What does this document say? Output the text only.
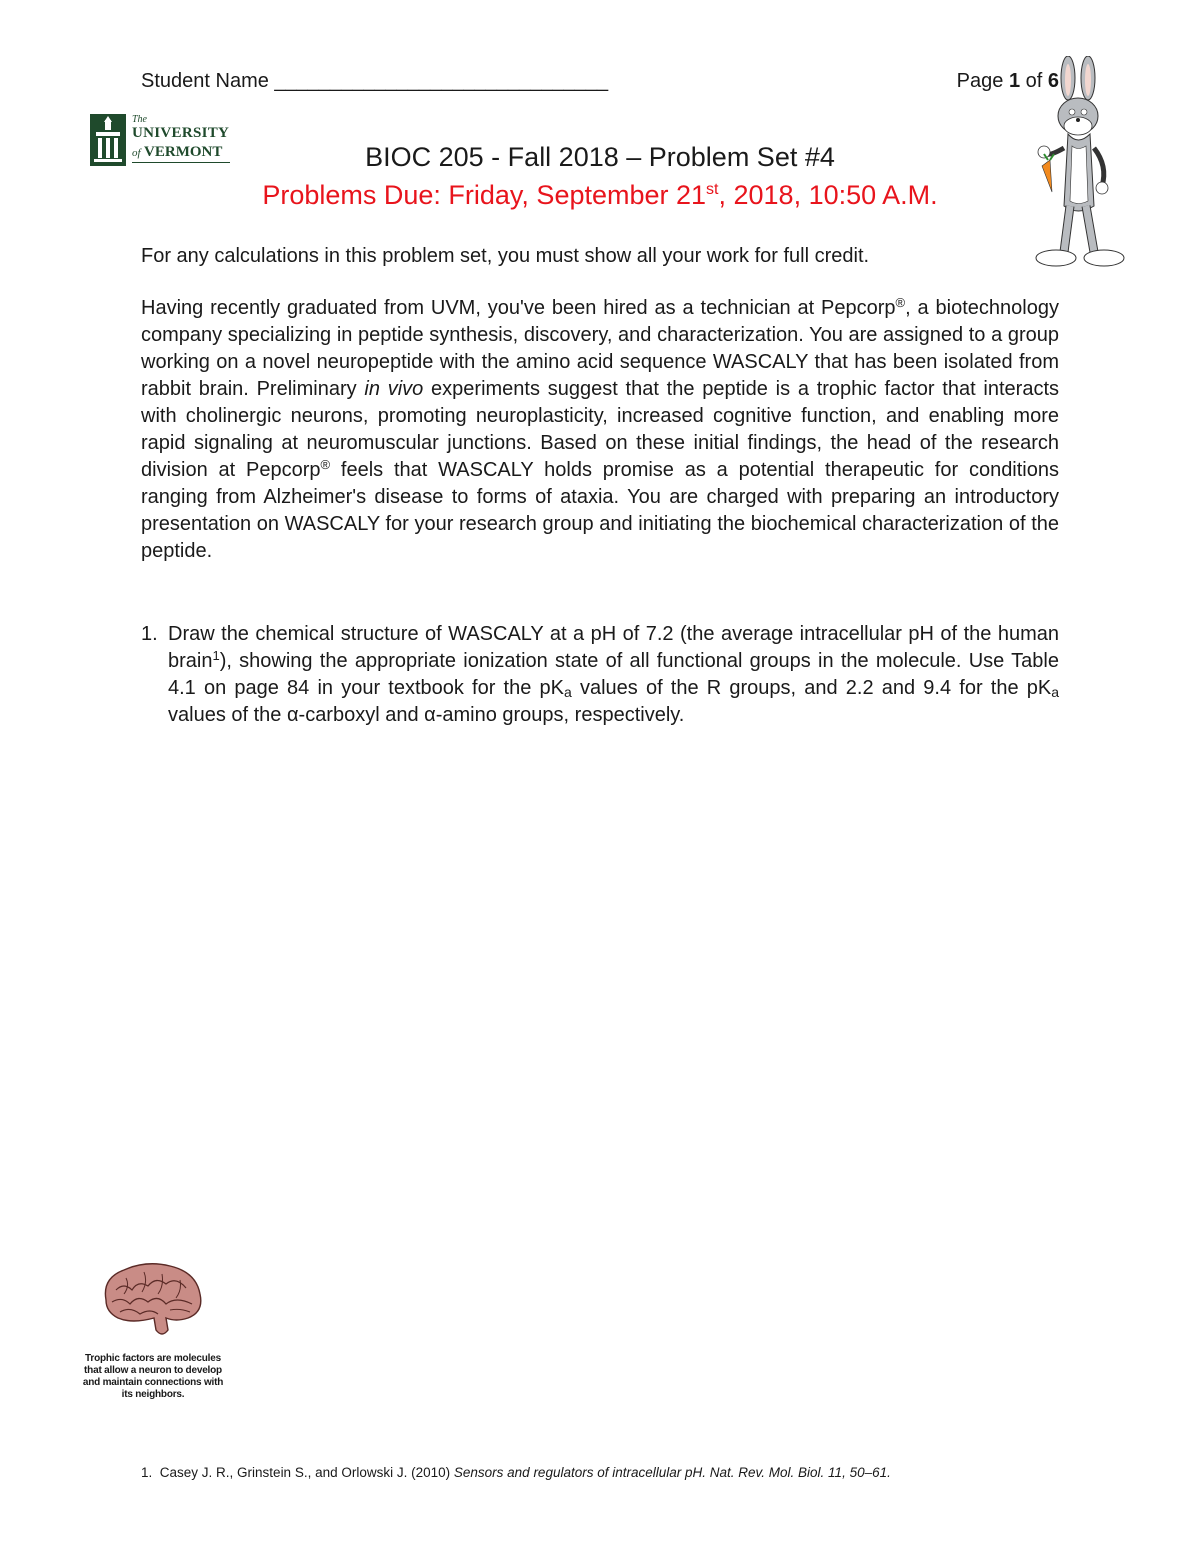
Student Name ______________________________	Page 1 of 6
The
UNIVERSITY
of VERMONT	BIOC 205 - Fall 2018 – Problem Set #4
Problems Due: Friday, September 21st, 2018, 10:50 A.M.
For any calculations in this problem set, you must show all your work for full credit.
Having recently graduated from UVM, you've been hired as a technician at Pepcorp®, a biotechnology company specializing in peptide synthesis, discovery, and characterization. You are assigned to a group working on a novel neuropeptide with the amino acid sequence WASCALY that has been isolated from rabbit brain. Preliminary in vivo experiments suggest that the peptide is a trophic factor that interacts with cholinergic neurons, promoting neuroplasticity, increased cognitive function, and enabling more rapid signaling at neuromuscular junctions. Based on these initial findings, the head of the research division at Pepcorp® feels that WASCALY holds promise as a potential therapeutic for conditions ranging from Alzheimer's disease to forms of ataxia. You are charged with preparing an introductory presentation on WASCALY for your research group and initiating the biochemical characterization of the peptide.
1. Draw the chemical structure of WASCALY at a pH of 7.2 (the average intracellular pH of the human brain$^1$), showing the appropriate ionization state of all functional groups in the molecule. Use Table 4.1 on page 84 in your textbook for the $pK_a$ values of the R groups, and 2.2 and 9.4 for the $pK_a$ values of the α-carboxyl and α-amino groups, respectively.
Trophic factors are molecules that allow a neuron to develop and maintain connections with its neighbors.
1. Casey J. R., Grinstein S., and Orlowski J. (2010) Sensors and regulators of intracellular pH. Nat. Rev. Mol. Biol. 11, 50–61.
